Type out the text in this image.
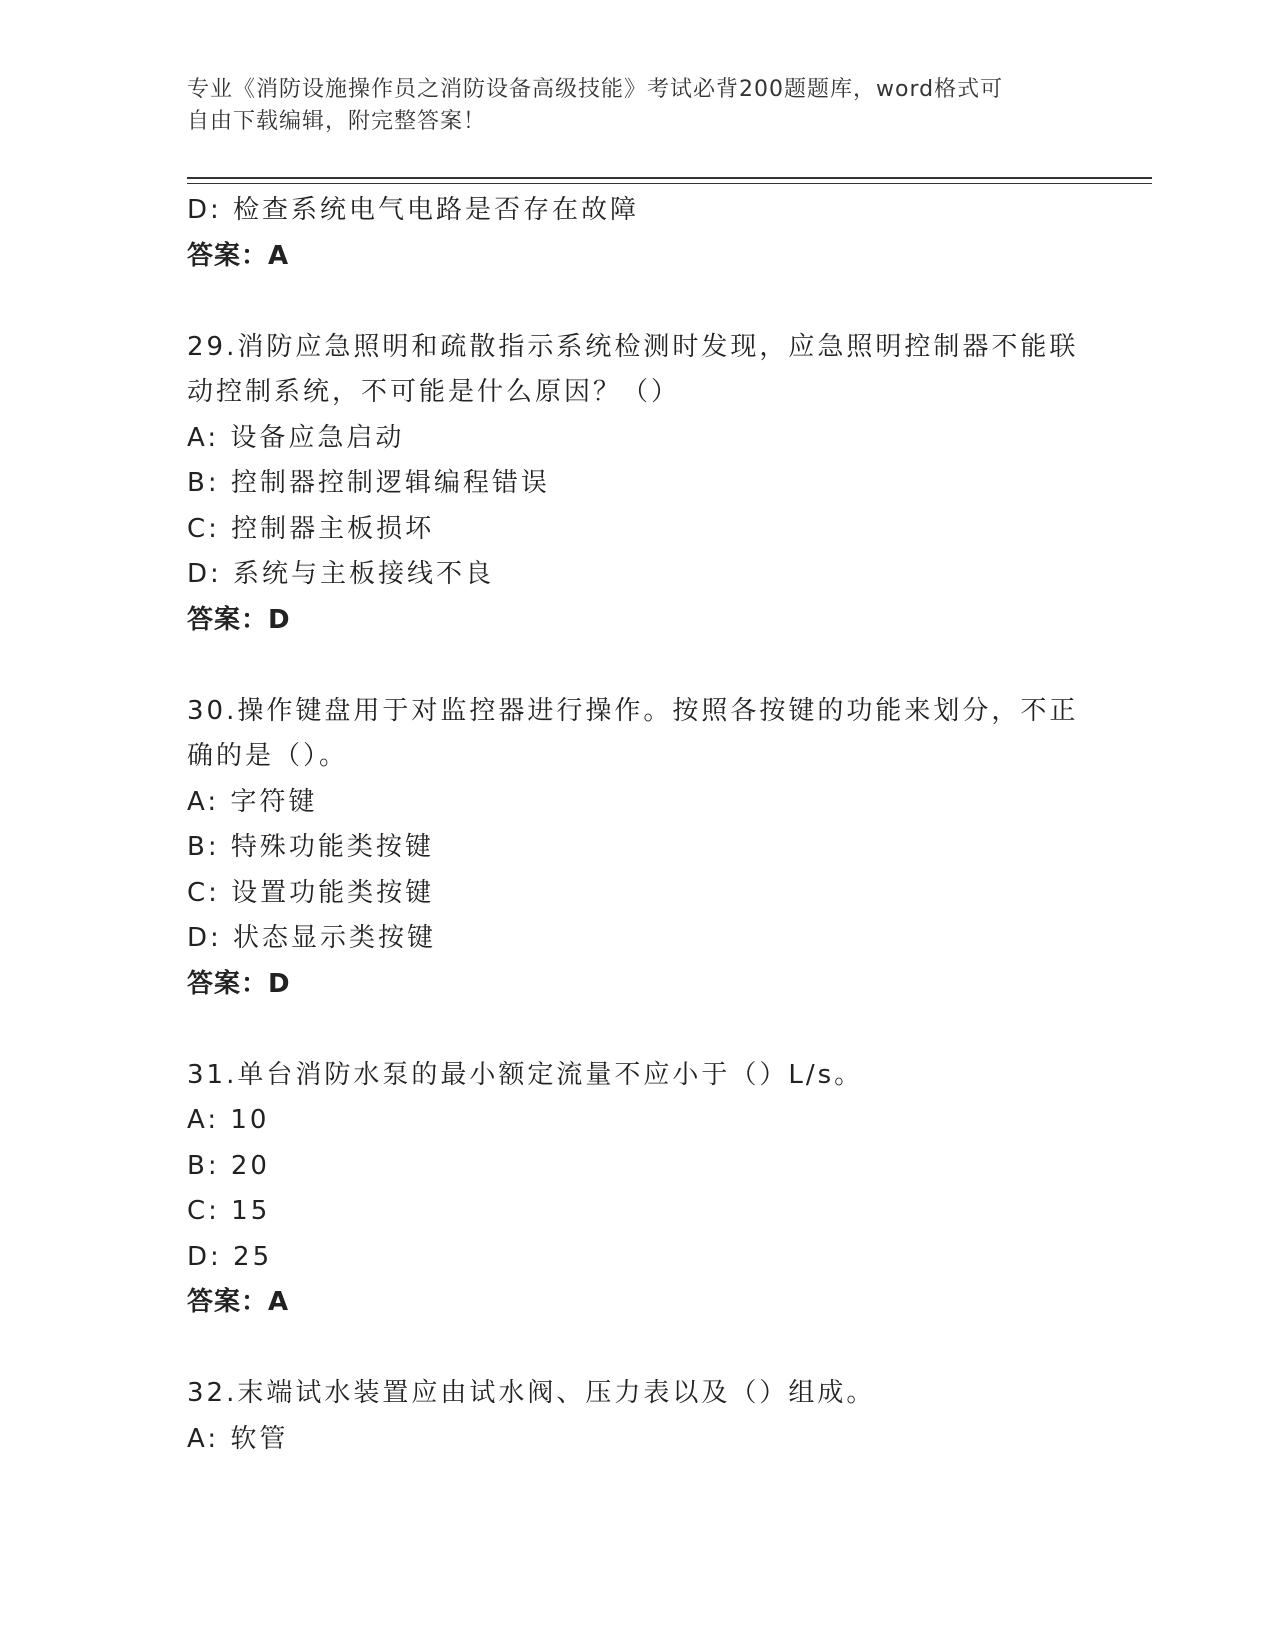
专业《消防设施操作员之消防设备高级技能》考试必背200题题库，word格式可
自由下载编辑，附完整答案！
D: 检查系统电气电路是否存在故障
答案：A
29.消防应急照明和疏散指示系统检测时发现，应急照明控制器不能联
动控制系统，不可能是什么原因？（）
A: 设备应急启动
B: 控制器控制逻辑编程错误
C: 控制器主板损坏
D: 系统与主板接线不良
答案：D
30.操作键盘用于对监控器进行操作。按照各按键的功能来划分，不正
确的是（）。
A: 字符键
B: 特殊功能类按键
C: 设置功能类按键
D: 状态显示类按键
答案：D
31.单台消防水泵的最小额定流量不应小于（）L/s。
A: 10
B: 20
C: 15
D: 25
答案：A
32.末端试水装置应由试水阀、压力表以及（）组成。
A: 软管
